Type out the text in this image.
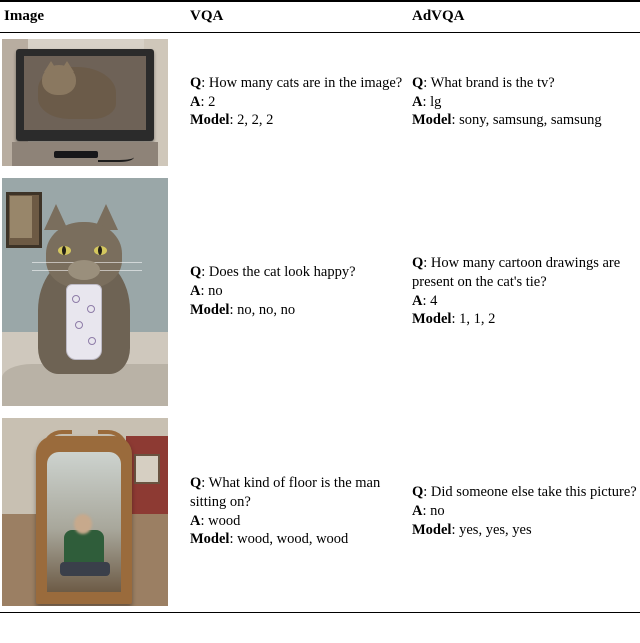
Image	VQA	AdVQA
Q: How many cats are in the image?
A: 2
Model: 2, 2, 2
Q: What brand is the tv?
A: lg
Model: sony, samsung, samsung
Q: Does the cat look happy?
A: no
Model: no, no, no
Q: How many cartoon drawings are present on the cat's tie?
A: 4
Model: 1, 1, 2
Q: What kind of floor is the man sitting on?
A: wood
Model: wood, wood, wood
Q: Did someone else take this picture?
A: no
Model: yes, yes, yes
